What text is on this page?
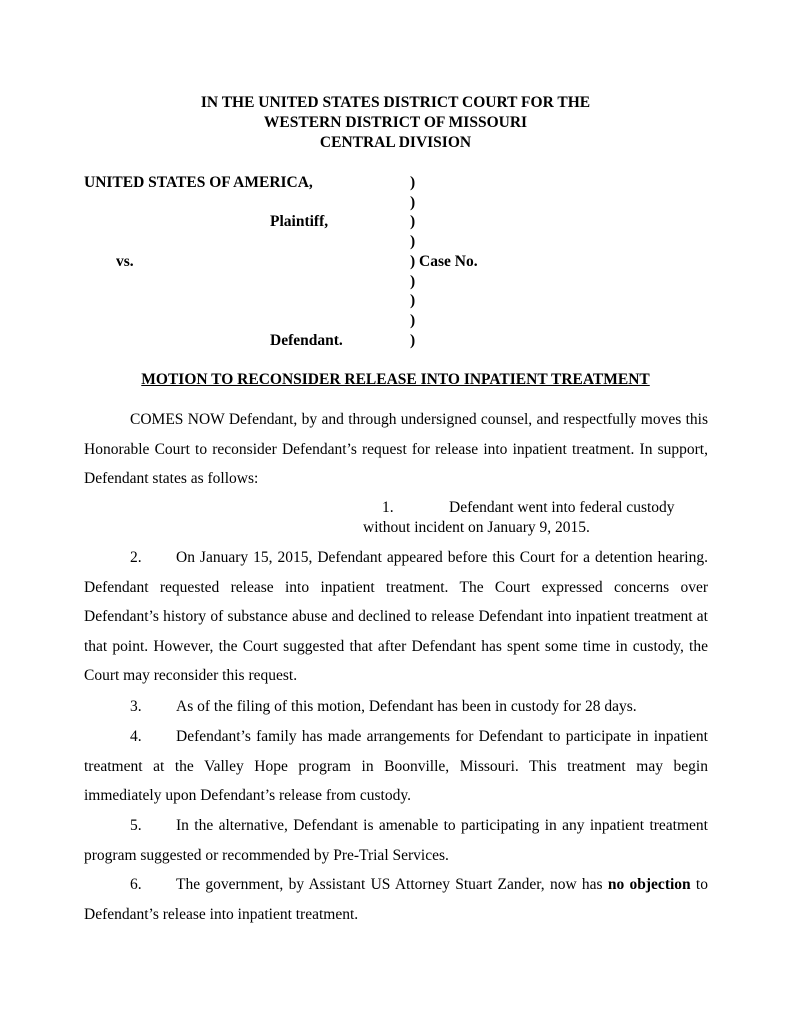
IN THE UNITED STATES DISTRICT COURT FOR THE
WESTERN DISTRICT OF MISSOURI
CENTRAL DIVISION
UNITED STATES OF AMERICA,
Plaintiff,
vs.
Defendant.
)
)
)
)
) Case No.
)
)
)
)
MOTION TO RECONSIDER RELEASE INTO INPATIENT TREATMENT
COMES NOW Defendant, by and through undersigned counsel, and respectfully moves this Honorable Court to reconsider Defendant’s request for release into inpatient treatment. In support, Defendant states as follows:
1.	Defendant went into federal custody
without incident on January 9, 2015.
2. On January 15, 2015, Defendant appeared before this Court for a detention hearing. Defendant requested release into inpatient treatment. The Court expressed concerns over Defendant’s history of substance abuse and declined to release Defendant into inpatient treatment at that point. However, the Court suggested that after Defendant has spent some time in custody, the Court may reconsider this request.
3. As of the filing of this motion, Defendant has been in custody for 28 days.
4. Defendant’s family has made arrangements for Defendant to participate in inpatient treatment at the Valley Hope program in Boonville, Missouri. This treatment may begin immediately upon Defendant’s release from custody.
5. In the alternative, Defendant is amenable to participating in any inpatient treatment program suggested or recommended by Pre-Trial Services.
6. The government, by Assistant US Attorney Stuart Zander, now has no objection to Defendant’s release into inpatient treatment.
